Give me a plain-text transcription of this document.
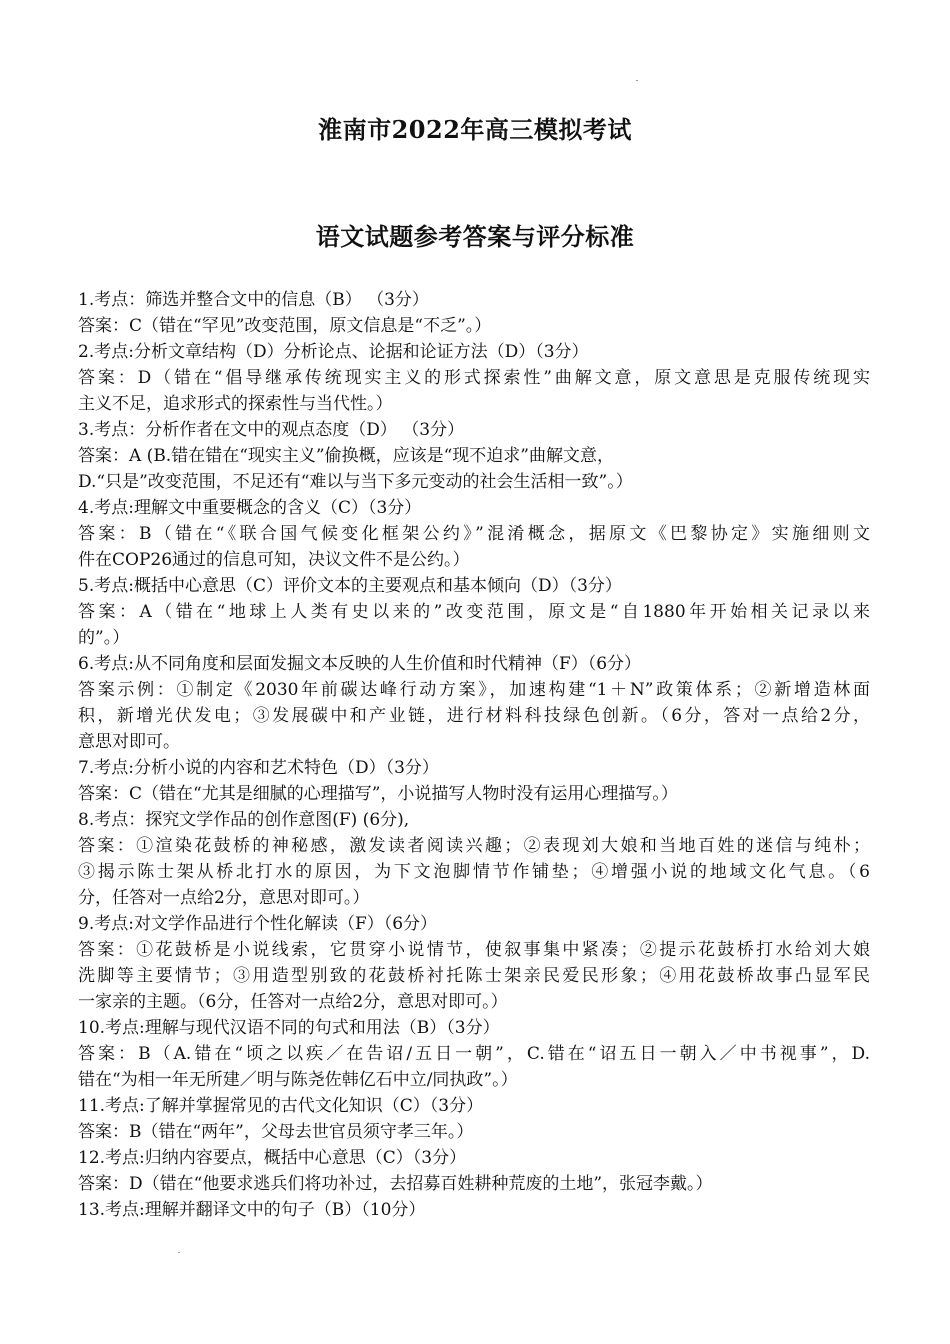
淮南市2022年高三模拟考试
语文试题参考答案与评分标准
1.考点：筛选并整合文中的信息（B） （3分）
答案：C（错在“罕见”改变范围，原文信息是“不乏”。）
2.考点:分析文章结构（D）分析论点、论据和论证方法（D）（3分）
答案：D（错在“倡导继承传统现实主义的形式探索性”曲解文意，原文意思是克服传统现实
主义不足，追求形式的探索性与当代性。）
3.考点：分析作者在文中的观点态度（D） （3分）
答案：A (B.错在错在“现实主义”偷换概，应该是“现不迫求”曲解文意，
D.“只是”改变范围，不足还有“难以与当下多元变动的社会生活相一致”。）
4.考点:理解文中重要概念的含义（C）（3分）
答案：B（错在“《联合国气候变化框架公约》”混淆概念，据原文《巴黎协定》实施细则文
件在COP26通过的信息可知，决议文件不是公约。）
5.考点:概括中心意思（C）评价文本的主要观点和基本倾向（D）（3分）
答案：A（错在“地球上人类有史以来的”改变范围，原文是“自1880年开始相关记录以来
的”。）
6.考点:从不同角度和层面发掘文本反映的人生价值和时代精神（F）（6分）
答案示例：①制定《2030年前碳达峰行动方案》，加速构建“1＋N”政策体系；②新增造林面
积，新增光伏发电；③发展碳中和产业链，进行材料科技绿色创新。（6分，答对一点给2分，
意思对即可。
7.考点:分析小说的内容和艺术特色（D）（3分）
答案：C（错在“尤其是细腻的心理描写”，小说描写人物时没有运用心理描写。）
8.考点：探究文学作品的创作意图(F) (6分),
答案：①渲染花鼓桥的神秘感，激发读者阅读兴趣；②表现刘大娘和当地百姓的迷信与纯朴；
③揭示陈士架从桥北打水的原因，为下文泡脚情节作铺垫；④增强小说的地域文化气息。（6
分，任答对一点给2分，意思对即可。）
9.考点:对文学作品进行个性化解读（F）（6分）
答案：①花鼓桥是小说线索，它贯穿小说情节，使叙事集中紧凑；②提示花鼓桥打水给刘大娘
洗脚等主要情节；③用造型别致的花鼓桥衬托陈士架亲民爱民形象；④用花鼓桥故事凸显军民
一家亲的主题。（6分，任答对一点给2分，意思对即可。）
10.考点:理解与现代汉语不同的句式和用法（B）（3分）
答案：B（A.错在“顷之以疾／在告诏/五日一朝”，C.错在“诏五日一朝入／中书视事”，D.
错在“为相一年无所建／明与陈尧佐韩亿石中立/同执政”。）
11.考点:了解并掌握常见的古代文化知识（C）（3分）
答案：B（错在“两年”，父母去世官员须守孝三年。）
12.考点:归纳内容要点，概括中心意思（C）（3分）
答案：D（错在“他要求逃兵们将功补过，去招募百姓耕种荒废的土地”，张冠李戴。）
13.考点:理解并翻译文中的句子（B）（10分）
